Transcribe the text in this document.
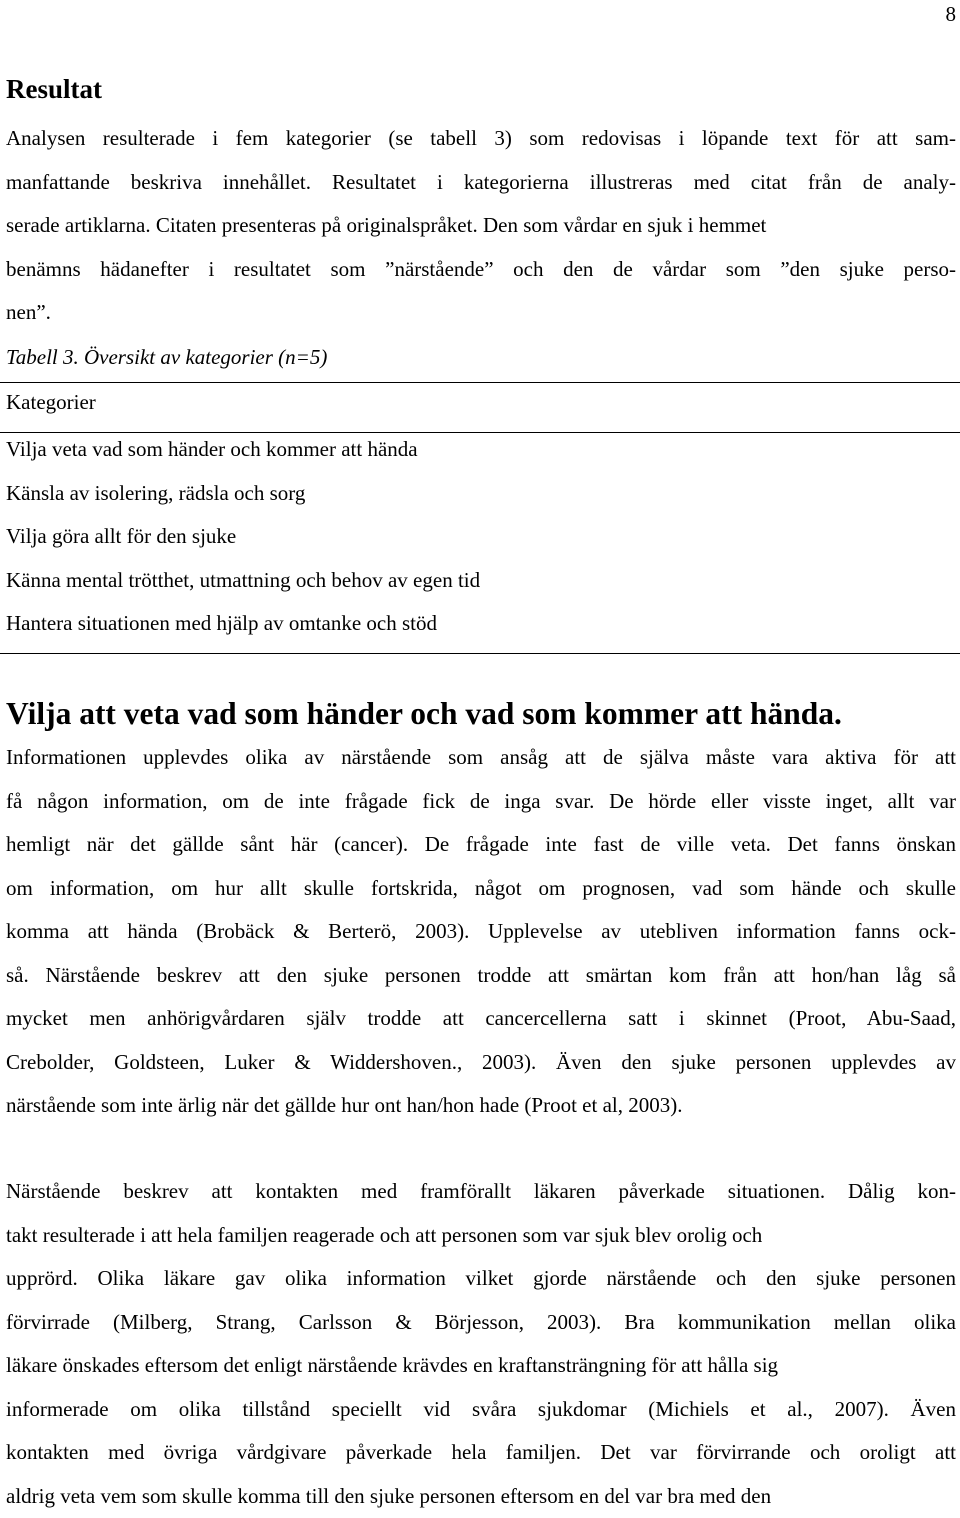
8
Resultat

Analysen resulterade i fem kategorier (se tabell 3) som redovisas i löpande text för att sam-
manfattande beskriva innehållet. Resultatet i kategorierna illustreras med citat från de analy-
serade artiklarna. Citaten presenteras på originalspråket. Den som vårdar en sjuk i hemmet
benämns hädanefter i resultatet som ”närstående” och den de vårdar som ”den sjuke perso-
nen”.

Tabell 3. Översikt av kategorier (n=5)

Kategorier

Vilja veta vad som händer och kommer att hända
Känsla av isolering, rädsla och sorg
Vilja göra allt för den sjuke
Känna mental trötthet, utmattning och behov av egen tid
Hantera situationen med hjälp av omtanke och stöd
Vilja att veta vad som händer och vad som kommer att hända.

Informationen upplevdes olika av närstående som ansåg att de själva måste vara aktiva för att
få någon information, om de inte frågade fick de inga svar. De hörde eller visste inget, allt var
hemligt när det gällde sånt här (cancer). De frågade inte fast de ville veta. Det fanns önskan
om information, om hur allt skulle fortskrida, något om prognosen, vad som hände och skulle
komma att hända (Brobäck & Berterö, 2003). Upplevelse av utebliven information fanns ock-
så. Närstående beskrev att den sjuke personen trodde att smärtan kom från att hon/han låg så
mycket men anhörigvårdaren själv trodde att cancercellerna satt i skinnet (Proot, Abu-Saad,
Crebolder, Goldsteen, Luker & Widdershoven., 2003). Även den sjuke personen upplevdes av
närstående som inte ärlig när det gällde hur ont han/hon hade (Proot et al, 2003).

Närstående beskrev att kontakten med framförallt läkaren påverkade situationen. Dålig kon-
takt resulterade i att hela familjen reagerade och att personen som var sjuk blev orolig och
upprörd. Olika läkare gav olika information vilket gjorde närstående och den sjuke personen
förvirrade (Milberg, Strang, Carlsson & Börjesson, 2003). Bra kommunikation mellan olika
läkare önskades eftersom det enligt närstående krävdes en kraftansträngning för att hålla sig
informerade om olika tillstånd speciellt vid svåra sjukdomar (Michiels et al., 2007). Även
kontakten med övriga vårdgivare påverkade hela familjen. Det var förvirrande och oroligt att
aldrig veta vem som skulle komma till den sjuke personen eftersom en del var bra med den
